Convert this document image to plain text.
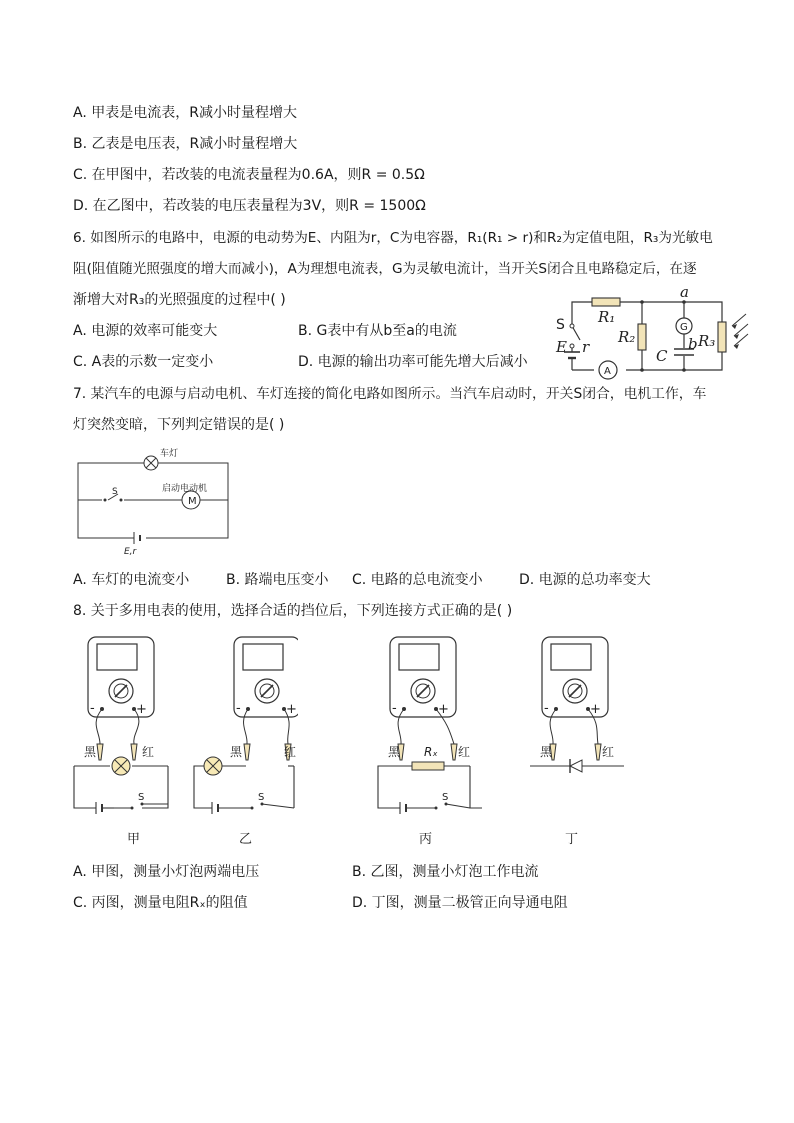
A. 甲表是电流表，R减小时量程增大
B. 乙表是电压表，R减小时量程增大
C. 在甲图中，若改装的电流表量程为0.6A，则R = 0.5Ω
D. 在乙图中，若改装的电压表量程为3V，则R = 1500Ω
6. 如图所示的电路中，电源的电动势为E、内阻为r，C为电容器，R₁(R₁ > r)和R₂为定值电阻，R₃为光敏电
阻(阻值随光照强度的增大而减小)，A为理想电流表，G为灵敏电流计，当开关S闭合且电路稳定后，在逐
渐增大对R₃的光照强度的过程中( )
A. 电源的效率可能变大	B. G表中有从b至a的电流
C. A表的示数一定变小	D. 电源的输出功率可能先增大后减小
a
b
S
E r
R₁
R₂	R₃
C
G
A
7. 某汽车的电源与启动电机、车灯连接的简化电路如图所示。当汽车启动时，开关S闭合，电机工作，车
灯突然变暗，下列判定错误的是( )
M
车灯
S	启动电动机
E,r
A. 车灯的电流变小	B. 路端电压变小 C. 电路的总电流变小	D. 电源的总功率变大
8. 关于多用电表的使用，选择合适的挡位后，下列连接方式正确的是( )
-	+
黑	红
S
-	+
黑	红
S
-	+
黑	红
Rₓ
S
-	+
黑	红
甲	乙	丙	丁
A. 甲图，测量小灯泡两端电压	B. 乙图，测量小灯泡工作电流
C. 丙图，测量电阻Rₓ的阻值	D. 丁图，测量二极管正向导通电阻
